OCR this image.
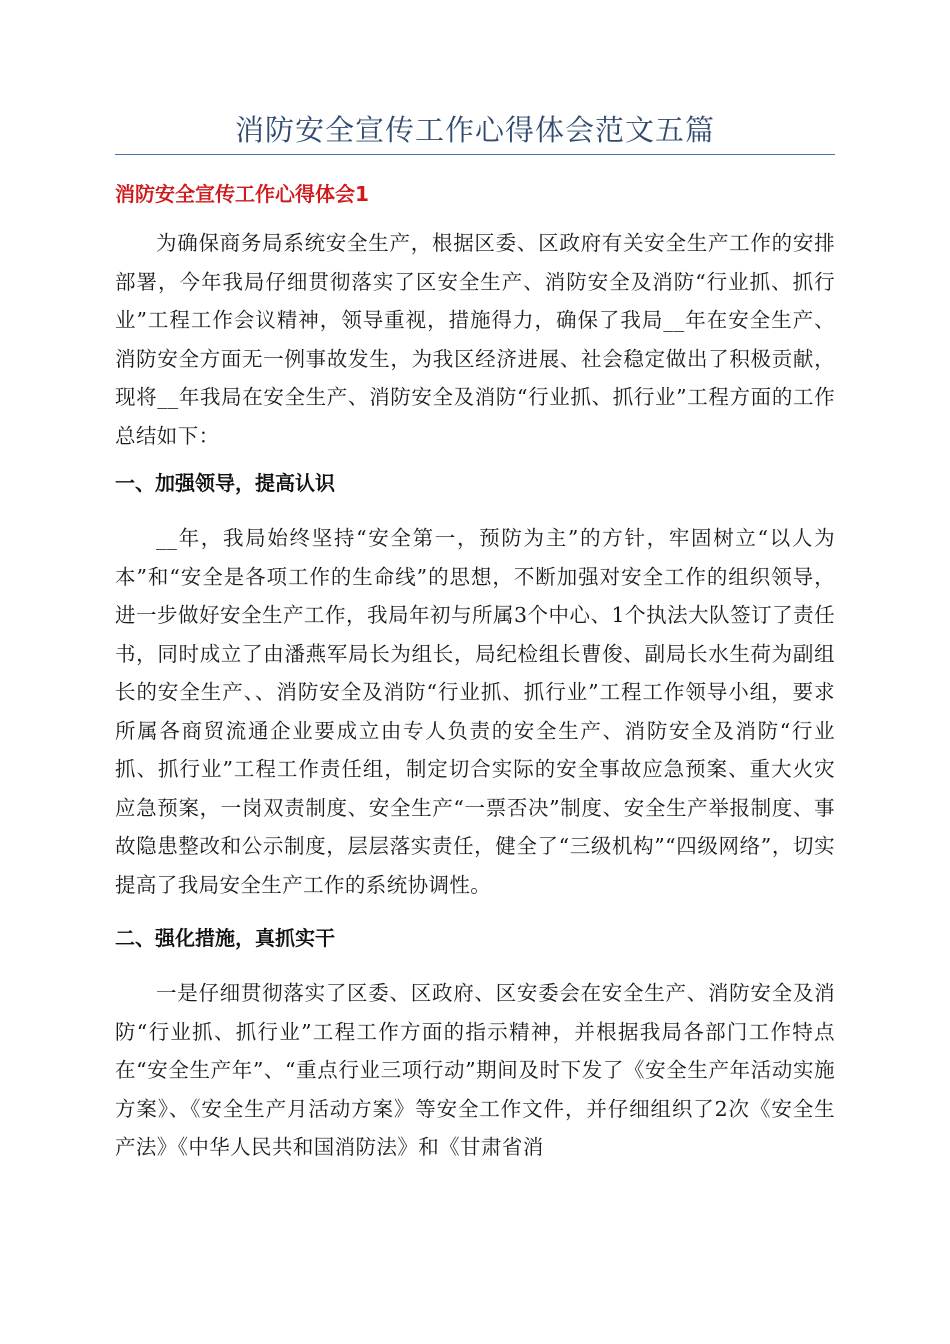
消防安全宣传工作心得体会范文五篇
消防安全宣传工作心得体会1

为确保商务局系统安全生产，根据区委、区政府有关安全生产工作的安排部署，今年我局仔细贯彻落实了区安全生产、消防安全及消防“行业抓、抓行业”工程工作会议精神，领导重视，措施得力，确保了我局__年在安全生产、消防安全方面无一例事故发生，为我区经济进展、社会稳定做出了积极贡献，现将__年我局在安全生产、消防安全及消防“行业抓、抓行业”工程方面的工作总结如下：

一、加强领导，提高认识

__年，我局始终坚持“安全第一，预防为主”的方针，牢固树立“以人为本”和“安全是各项工作的生命线”的思想，不断加强对安全工作的组织领导，进一步做好安全生产工作，我局年初与所属3个中心、1个执法大队签订了责任书，同时成立了由潘燕军局长为组长，局纪检组长曹俊、副局长水生荷为副组长的安全生产、、消防安全及消防“行业抓、抓行业”工程工作领导小组，要求所属各商贸流通企业要成立由专人负责的安全生产、消防安全及消防“行业抓、抓行业”工程工作责任组，制定切合实际的安全事故应急预案、重大火灾应急预案，一岗双责制度、安全生产“一票否决”制度、安全生产举报制度、事故隐患整改和公示制度，层层落实责任，健全了“三级机构”“四级网络”，切实提高了我局安全生产工作的系统协调性。

二、强化措施，真抓实干

一是仔细贯彻落实了区委、区政府、区安委会在安全生产、消防安全及消防“行业抓、抓行业”工程工作方面的指示精神，并根据我局各部门工作特点在“安全生产年”、“重点行业三项行动”期间及时下发了《安全生产年活动实施方案》、《安全生产月活动方案》等安全工作文件，并仔细组织了2次《安全生产法》《中华人民共和国消防法》和《甘肃省消
